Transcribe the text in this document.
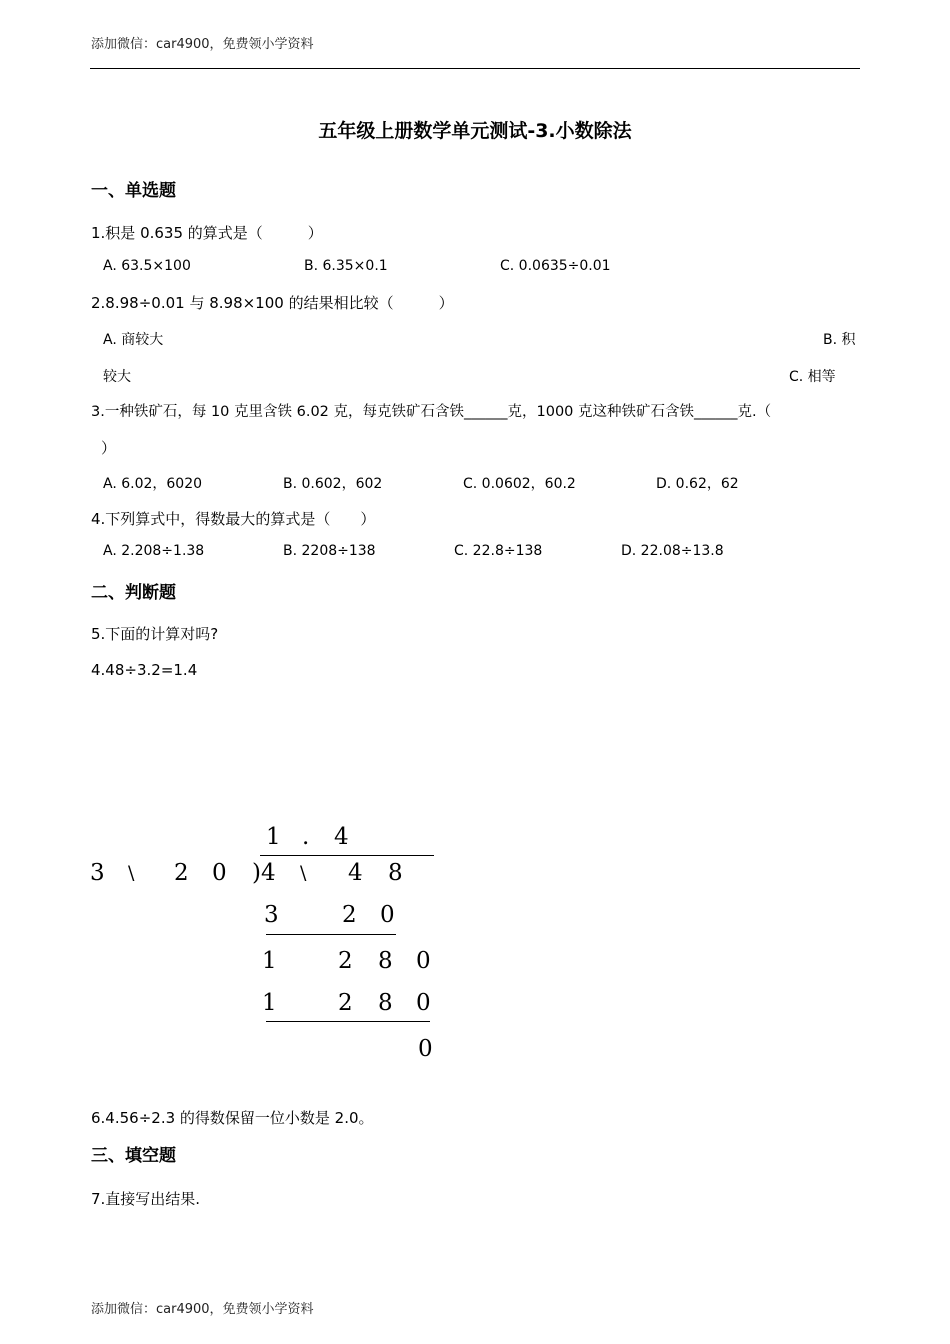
添加微信：car4900，免费领小学资料
五年级上册数学单元测试-3.小数除法
一、单选题
1.积是 0.635 的算式是（　　　）
A. 63.5×100	B. 6.35×0.1	C. 0.0635÷0.01
2.8.98÷0.01 与 8.98×100 的结果相比较（　　　）
A. 商较大	B. 积
较大	C. 相等
3.一种铁矿石，每 10 克里含铁 6.02 克，每克铁矿石含铁______克，1000 克这种铁矿石含铁______克.（
）
A. 6.02，6020	B. 0.602，602	C. 0.0602，60.2	D. 0.62，62
4.下列算式中，得数最大的算式是（　　）
A. 2.208÷1.38	B. 2208÷138	C. 22.8÷138	D. 22.08÷13.8
二、判断题
5.下面的计算对吗?
4.48÷3.2=1.4
1 . 4
3 \ 2 0 )4 \ 4 8
3	2 0
1	2 8 0
1	2 8 0
0
6.4.56÷2.3 的得数保留一位小数是 2.0。
三、填空题
7.直接写出结果.
添加微信：car4900，免费领小学资料
